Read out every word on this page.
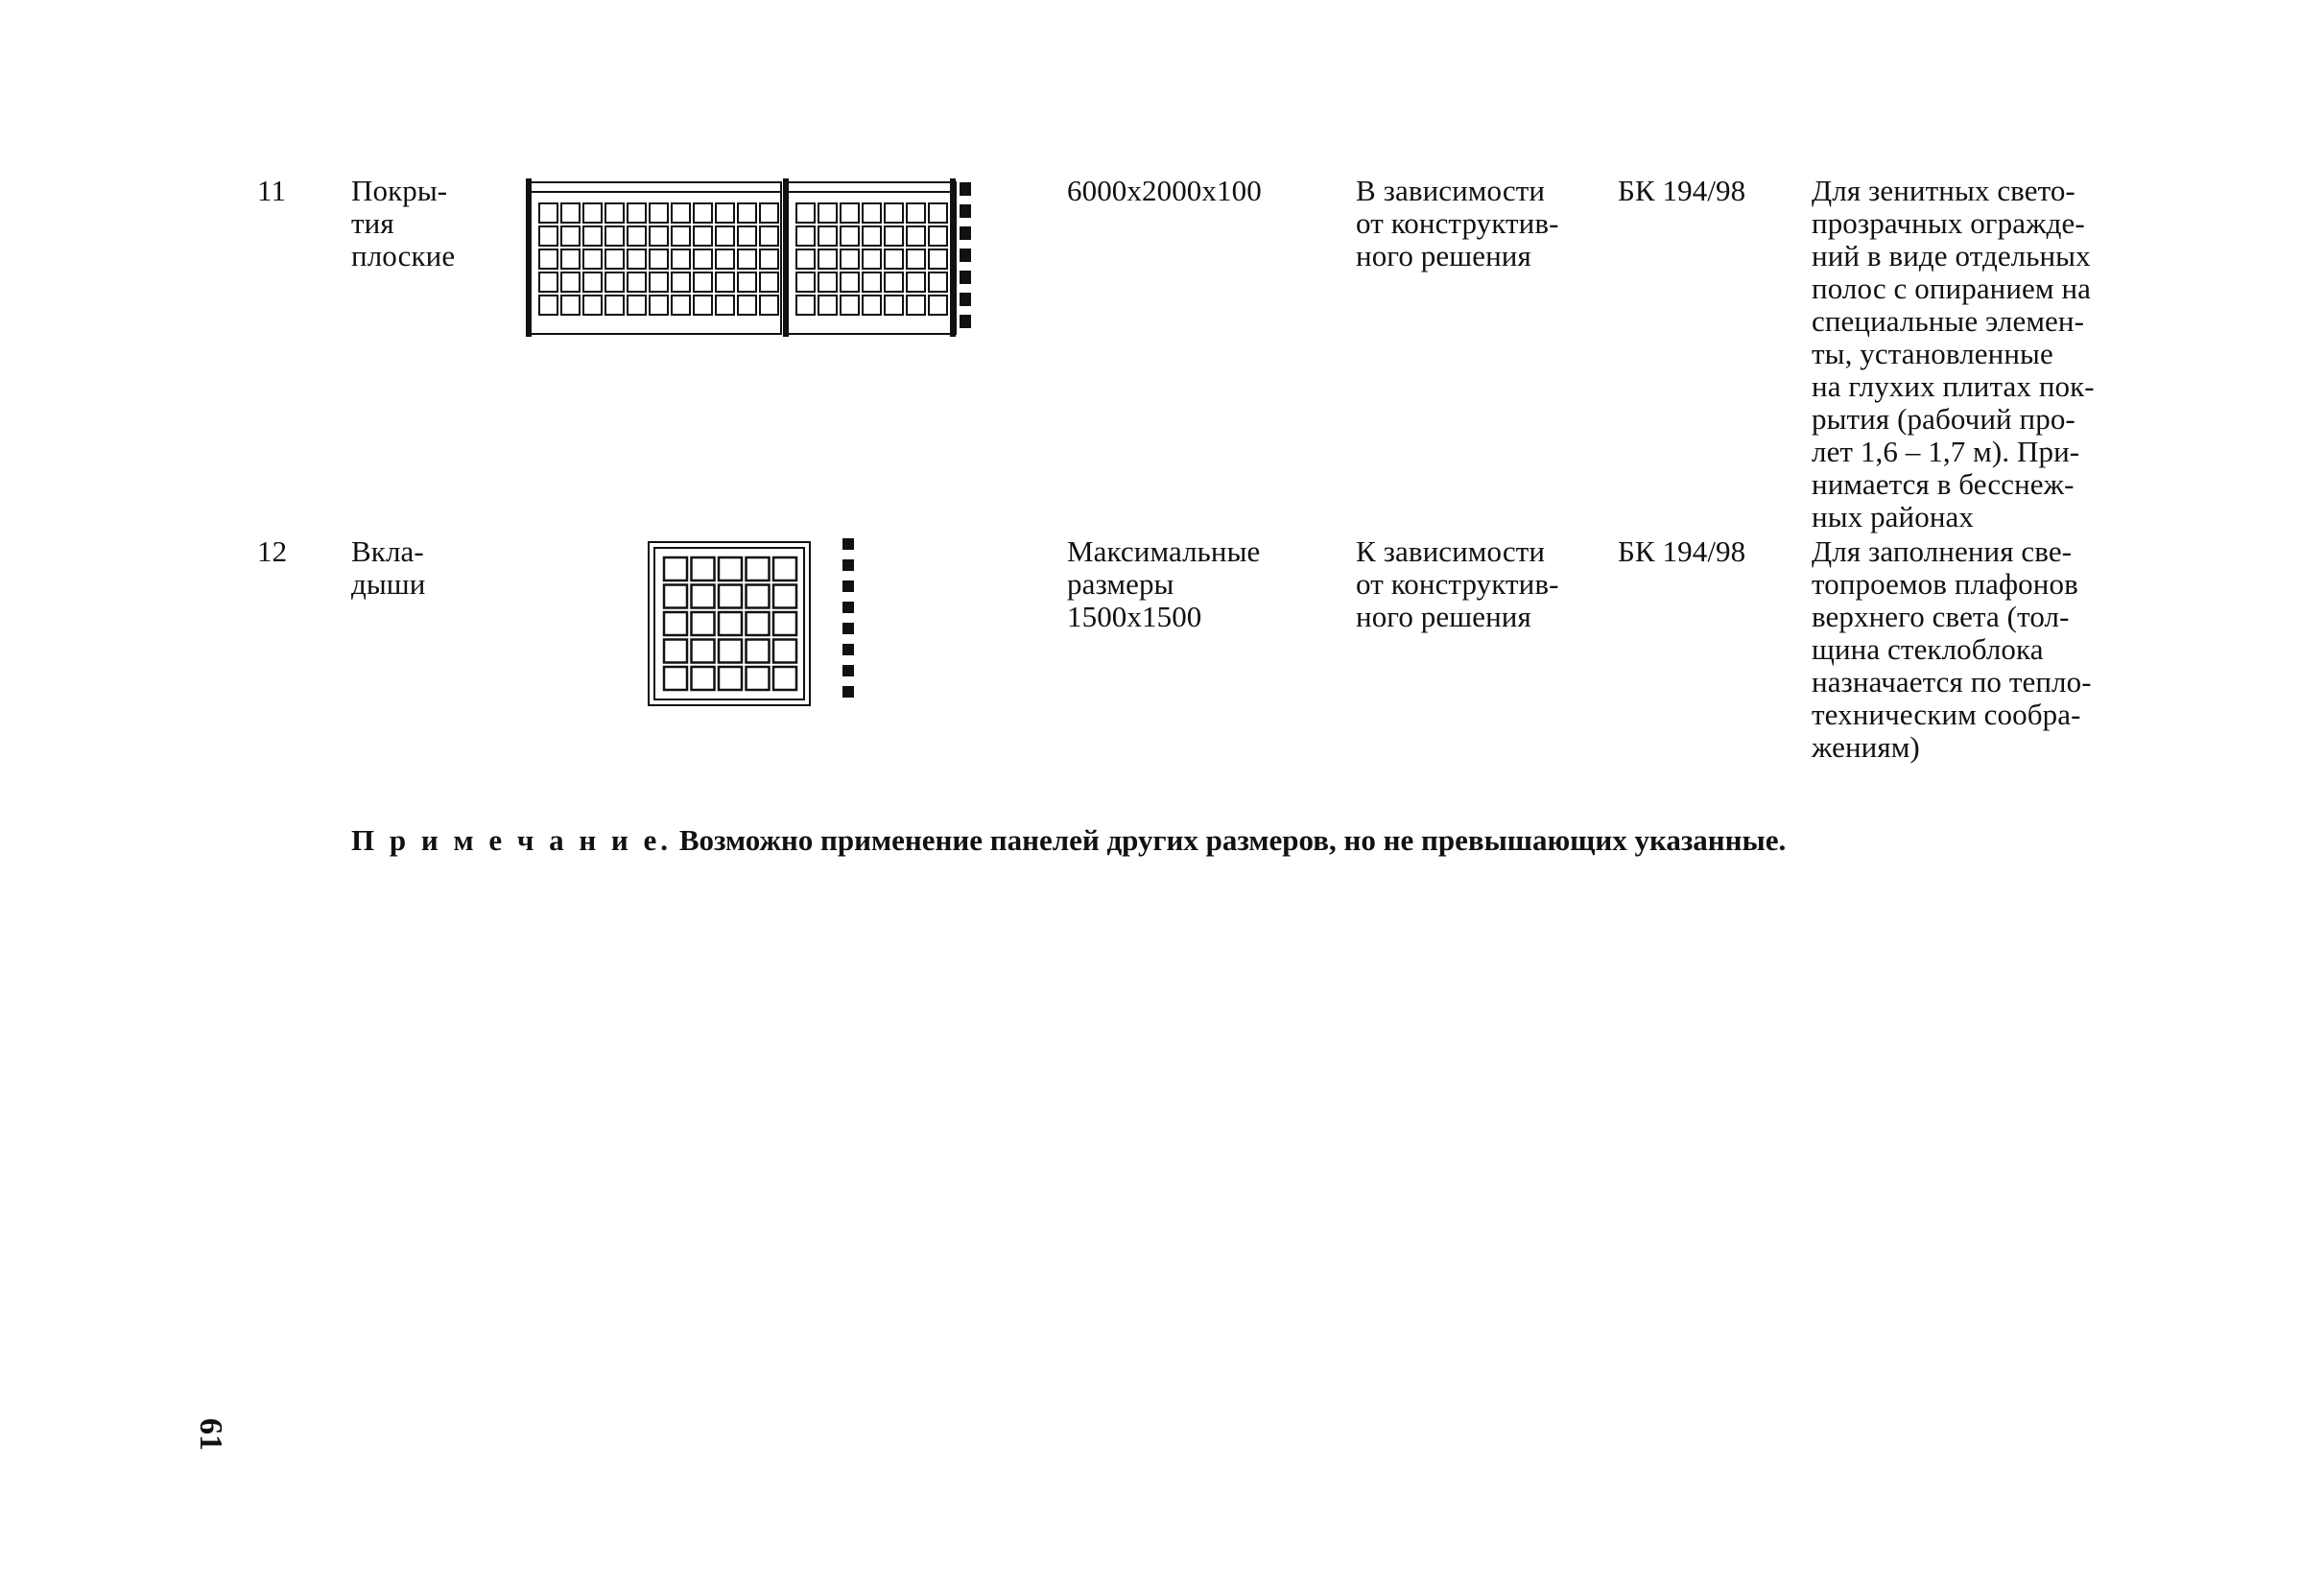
11 Покры-
тия
плоские
6000x2000x100	В зависимости
от конструктив-
ного решения
БК 194/98 Для зенитных свето-
прозрачных огражде-
ний в виде отдельных
полос с опиранием на
специальные элемен-
ты, установленные
на глухих плитах пок-
рытия (рабочий про-
лет 1,6 – 1,7 м). При-
нимается в бесснеж-
ных районах
12 Вкла-
дыши
Максимальные
размеры
1500x1500
К зависимости
от конструктив-
ного решения
БК 194/98 Для заполнения све-
топроемов плафонов
верхнего света (тол-
щина стеклоблока
назначается по тепло-
техническим сообра-
жениям)
П р и м е ч а н и е. Возможно применение панелей других размеров, но не превышающих указанные.
61
